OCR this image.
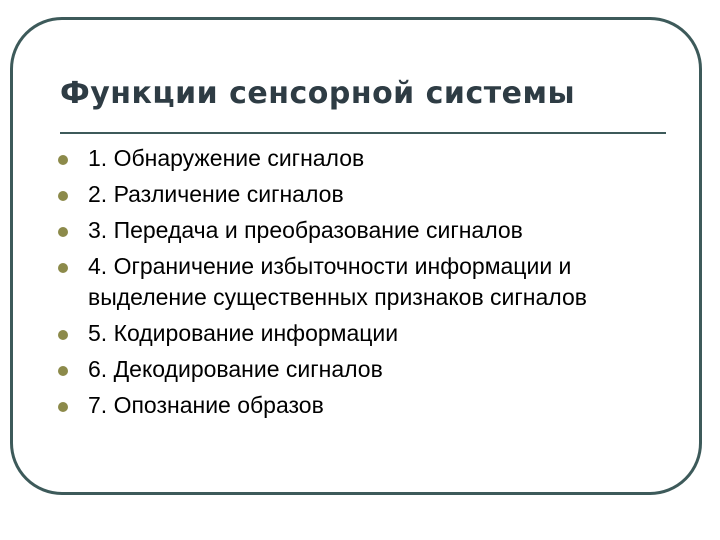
Функции сенсорной системы
1. Обнаружение сигналов
2. Различение сигналов
3. Передача и преобразование сигналов
4. Ограничение избыточности информации и выделение существенных признаков сигналов
5. Кодирование информации
6. Декодирование сигналов
7. Опознание образов
